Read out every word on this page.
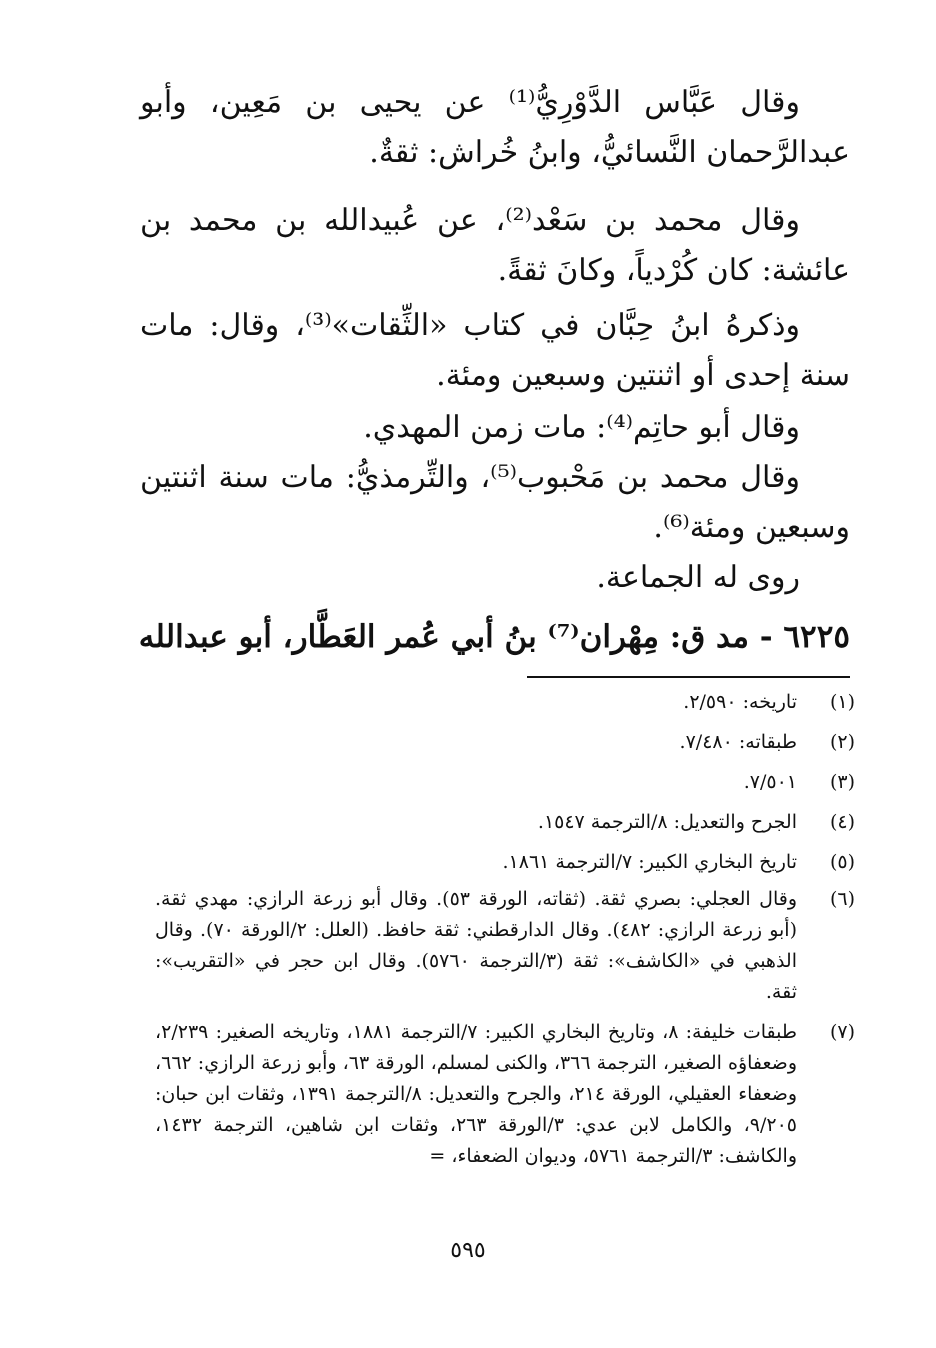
وقال عَبَّاس الدَّوْرِيُّ⁽¹⁾ عن يحيى بن مَعِين، وأبو عبدالرَّحمان النَّسائيُّ، وابنُ خُراش: ثقةٌ.

وقال محمد بن سَعْد⁽²⁾، عن عُبيدالله بن محمد بن عائشة: كان كُرْدياً، وكانَ ثقةً.

وذكرهُ ابنُ حِبَّان في كتاب «الثِّقات»⁽³⁾، وقال: مات سنة إحدى أو اثنتين وسبعين ومئة.

وقال أبو حاتِم⁽⁴⁾: مات زمن المهدي.

وقال محمد بن مَحْبوب⁽⁵⁾، والتِّرمذيُّ: مات سنة اثنتين وسبعين ومئة⁽⁶⁾.

روى له الجماعة.

٦٢٢٥ - مد ق: مِهْران⁽⁷⁾ بنُ أبي عُمر العَطَّار، أبو عبدالله
(١)
تاريخه: ٢/٥٩٠.
(٢)
طبقاته: ٧/٤٨٠.
(٣)
٧/٥٠١.
(٤)
الجرح والتعديل: ٨/الترجمة ١٥٤٧.
(٥)
تاريخ البخاري الكبير: ٧/الترجمة ١٨٦١.
(٦)
وقال العجلي: بصري ثقة. (ثقاته، الورقة ٥٣). وقال أبو زرعة الرازي: مهدي ثقة. (أبو زرعة الرازي: ٤٨٢). وقال الدارقطني: ثقة حافظ. (العلل: ٢/الورقة ٧٠). وقال الذهبي في «الكاشف»: ثقة (٣/الترجمة ٥٧٦٠). وقال ابن حجر في «التقريب»: ثقة.
(٧)
طبقات خليفة: ٨، وتاريخ البخاري الكبير: ٧/الترجمة ١٨٨١، وتاريخه الصغير: ٢/٢٣٩، وضعفاؤه الصغير، الترجمة ٣٦٦، والكنى لمسلم، الورقة ٦٣، وأبو زرعة الرازي: ٦٦٢، وضعفاء العقيلي، الورقة ٢١٤، والجرح والتعديل: ٨/الترجمة ١٣٩١، وثقات ابن حبان: ٩/٢٠٥، والكامل لابن عدي: ٣/الورقة ٢٦٣، وثقات ابن شاهين، الترجمة ١٤٣٢، والكاشف: ٣/الترجمة ٥٧٦١، وديوان الضعفاء، =
٥٩٥
